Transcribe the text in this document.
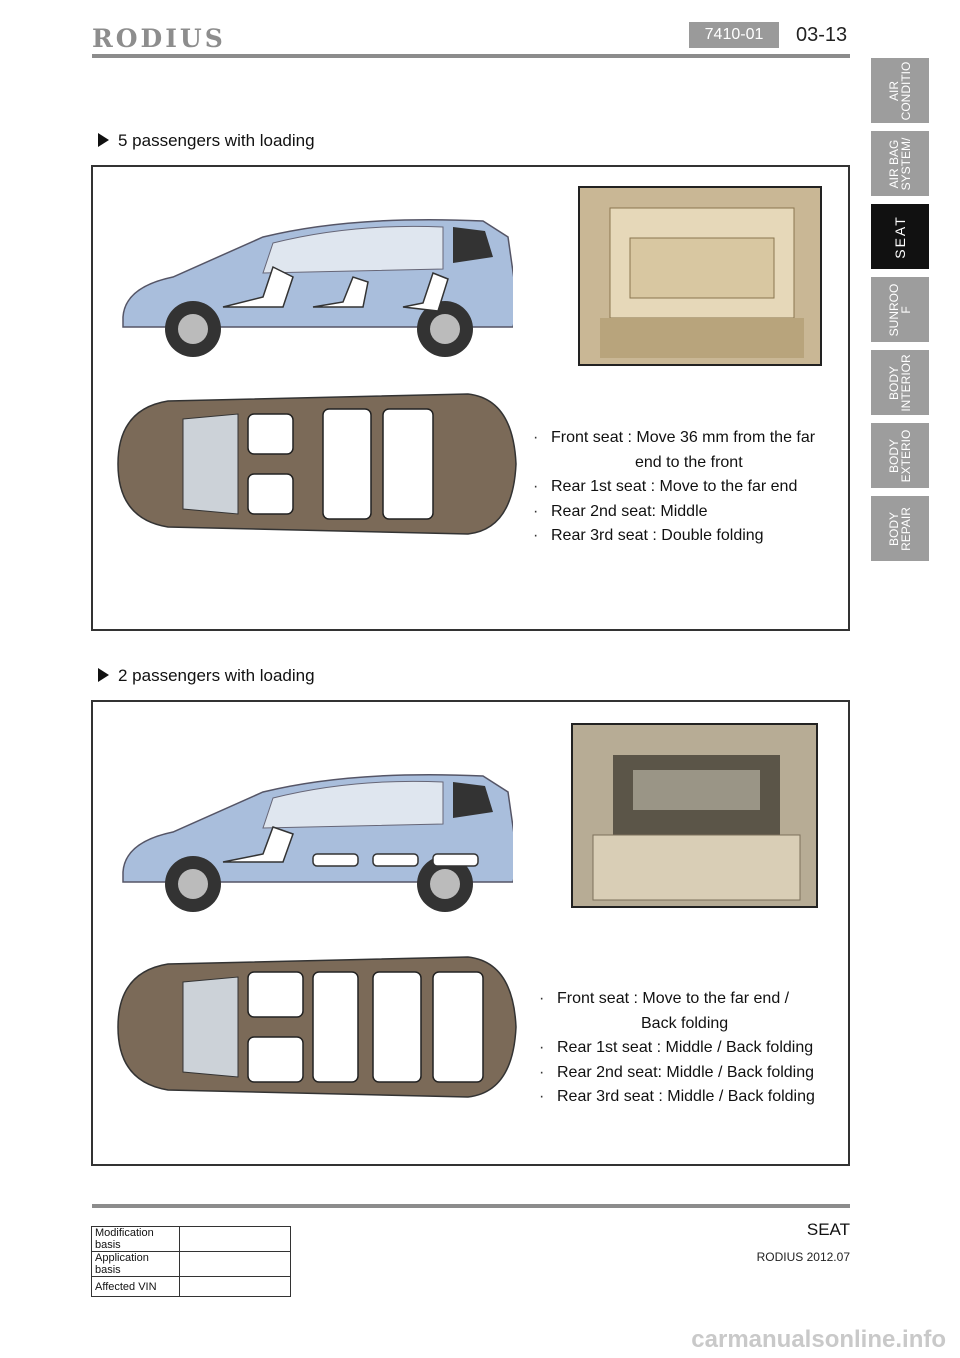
RODIUS	7410-01	03-13
AIR
CONDITIO
AIR BAG
SYSTEM/
SEAT
SUNROO
F
BODY
INTERIOR
BODY
EXTERIO
BODY
REPAIR
5 passengers with loading
· Front seat : Move 36 mm from the far
end to the front
· Rear 1st seat : Move to the far end
· Rear 2nd seat: Middle
· Rear 3rd seat : Double folding
2 passengers with loading
· Front seat : Move to the far end /
Back folding
· Rear 1st seat : Middle / Back folding
· Rear 2nd seat: Middle / Back folding
· Rear 3rd seat : Middle / Back folding
SEAT
RODIUS 2012.07
Modification basis	
Application basis	
Affected VIN	
carmanualsonline.info
